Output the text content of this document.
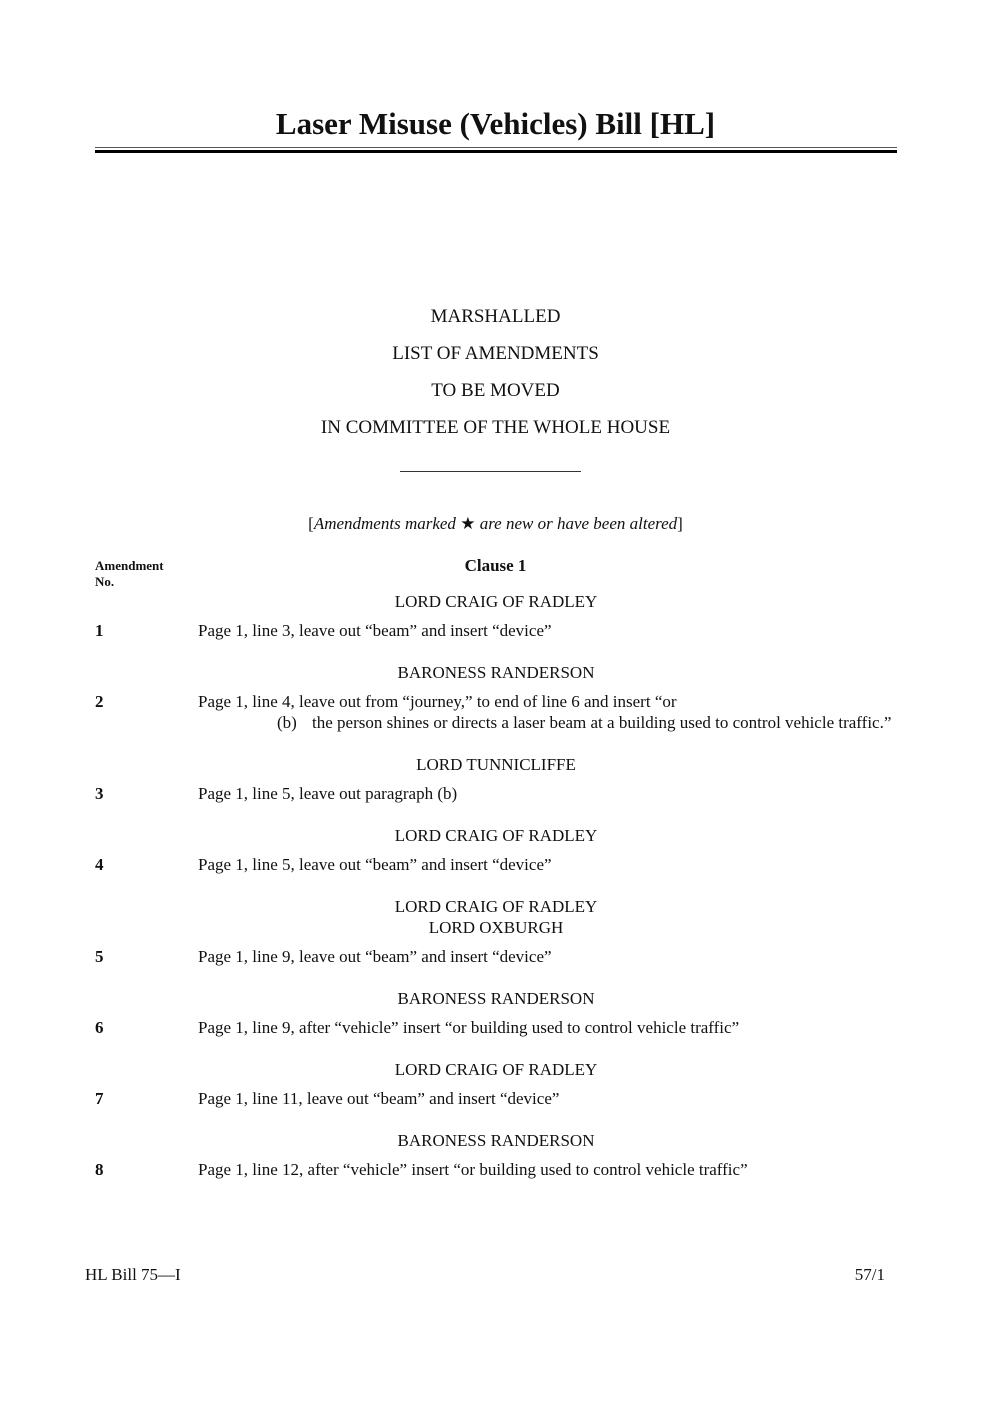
Laser Misuse (Vehicles) Bill [HL]
MARSHALLED
LIST OF AMENDMENTS
TO BE MOVED
IN COMMITTEE OF THE WHOLE HOUSE
[Amendments marked ★ are new or have been altered]
Amendment
No.
Clause 1
LORD CRAIG OF RADLEY
1	Page 1, line 3, leave out “beam” and insert “device”
BARONESS RANDERSON
2	Page 1, line 4, leave out from “journey,” to end of line 6 and insert “or
(b) the person shines or directs a laser beam at a building used to control vehicle traffic.”
LORD TUNNICLIFFE
3	Page 1, line 5, leave out paragraph (b)
LORD CRAIG OF RADLEY
4	Page 1, line 5, leave out “beam” and insert “device”
LORD CRAIG OF RADLEY
LORD OXBURGH
5	Page 1, line 9, leave out “beam” and insert “device”
BARONESS RANDERSON
6	Page 1, line 9, after “vehicle” insert “or building used to control vehicle traffic”
LORD CRAIG OF RADLEY
7	Page 1, line 11, leave out “beam” and insert “device”
BARONESS RANDERSON
8	Page 1, line 12, after “vehicle” insert “or building used to control vehicle traffic”
HL Bill 75—I	57/1
